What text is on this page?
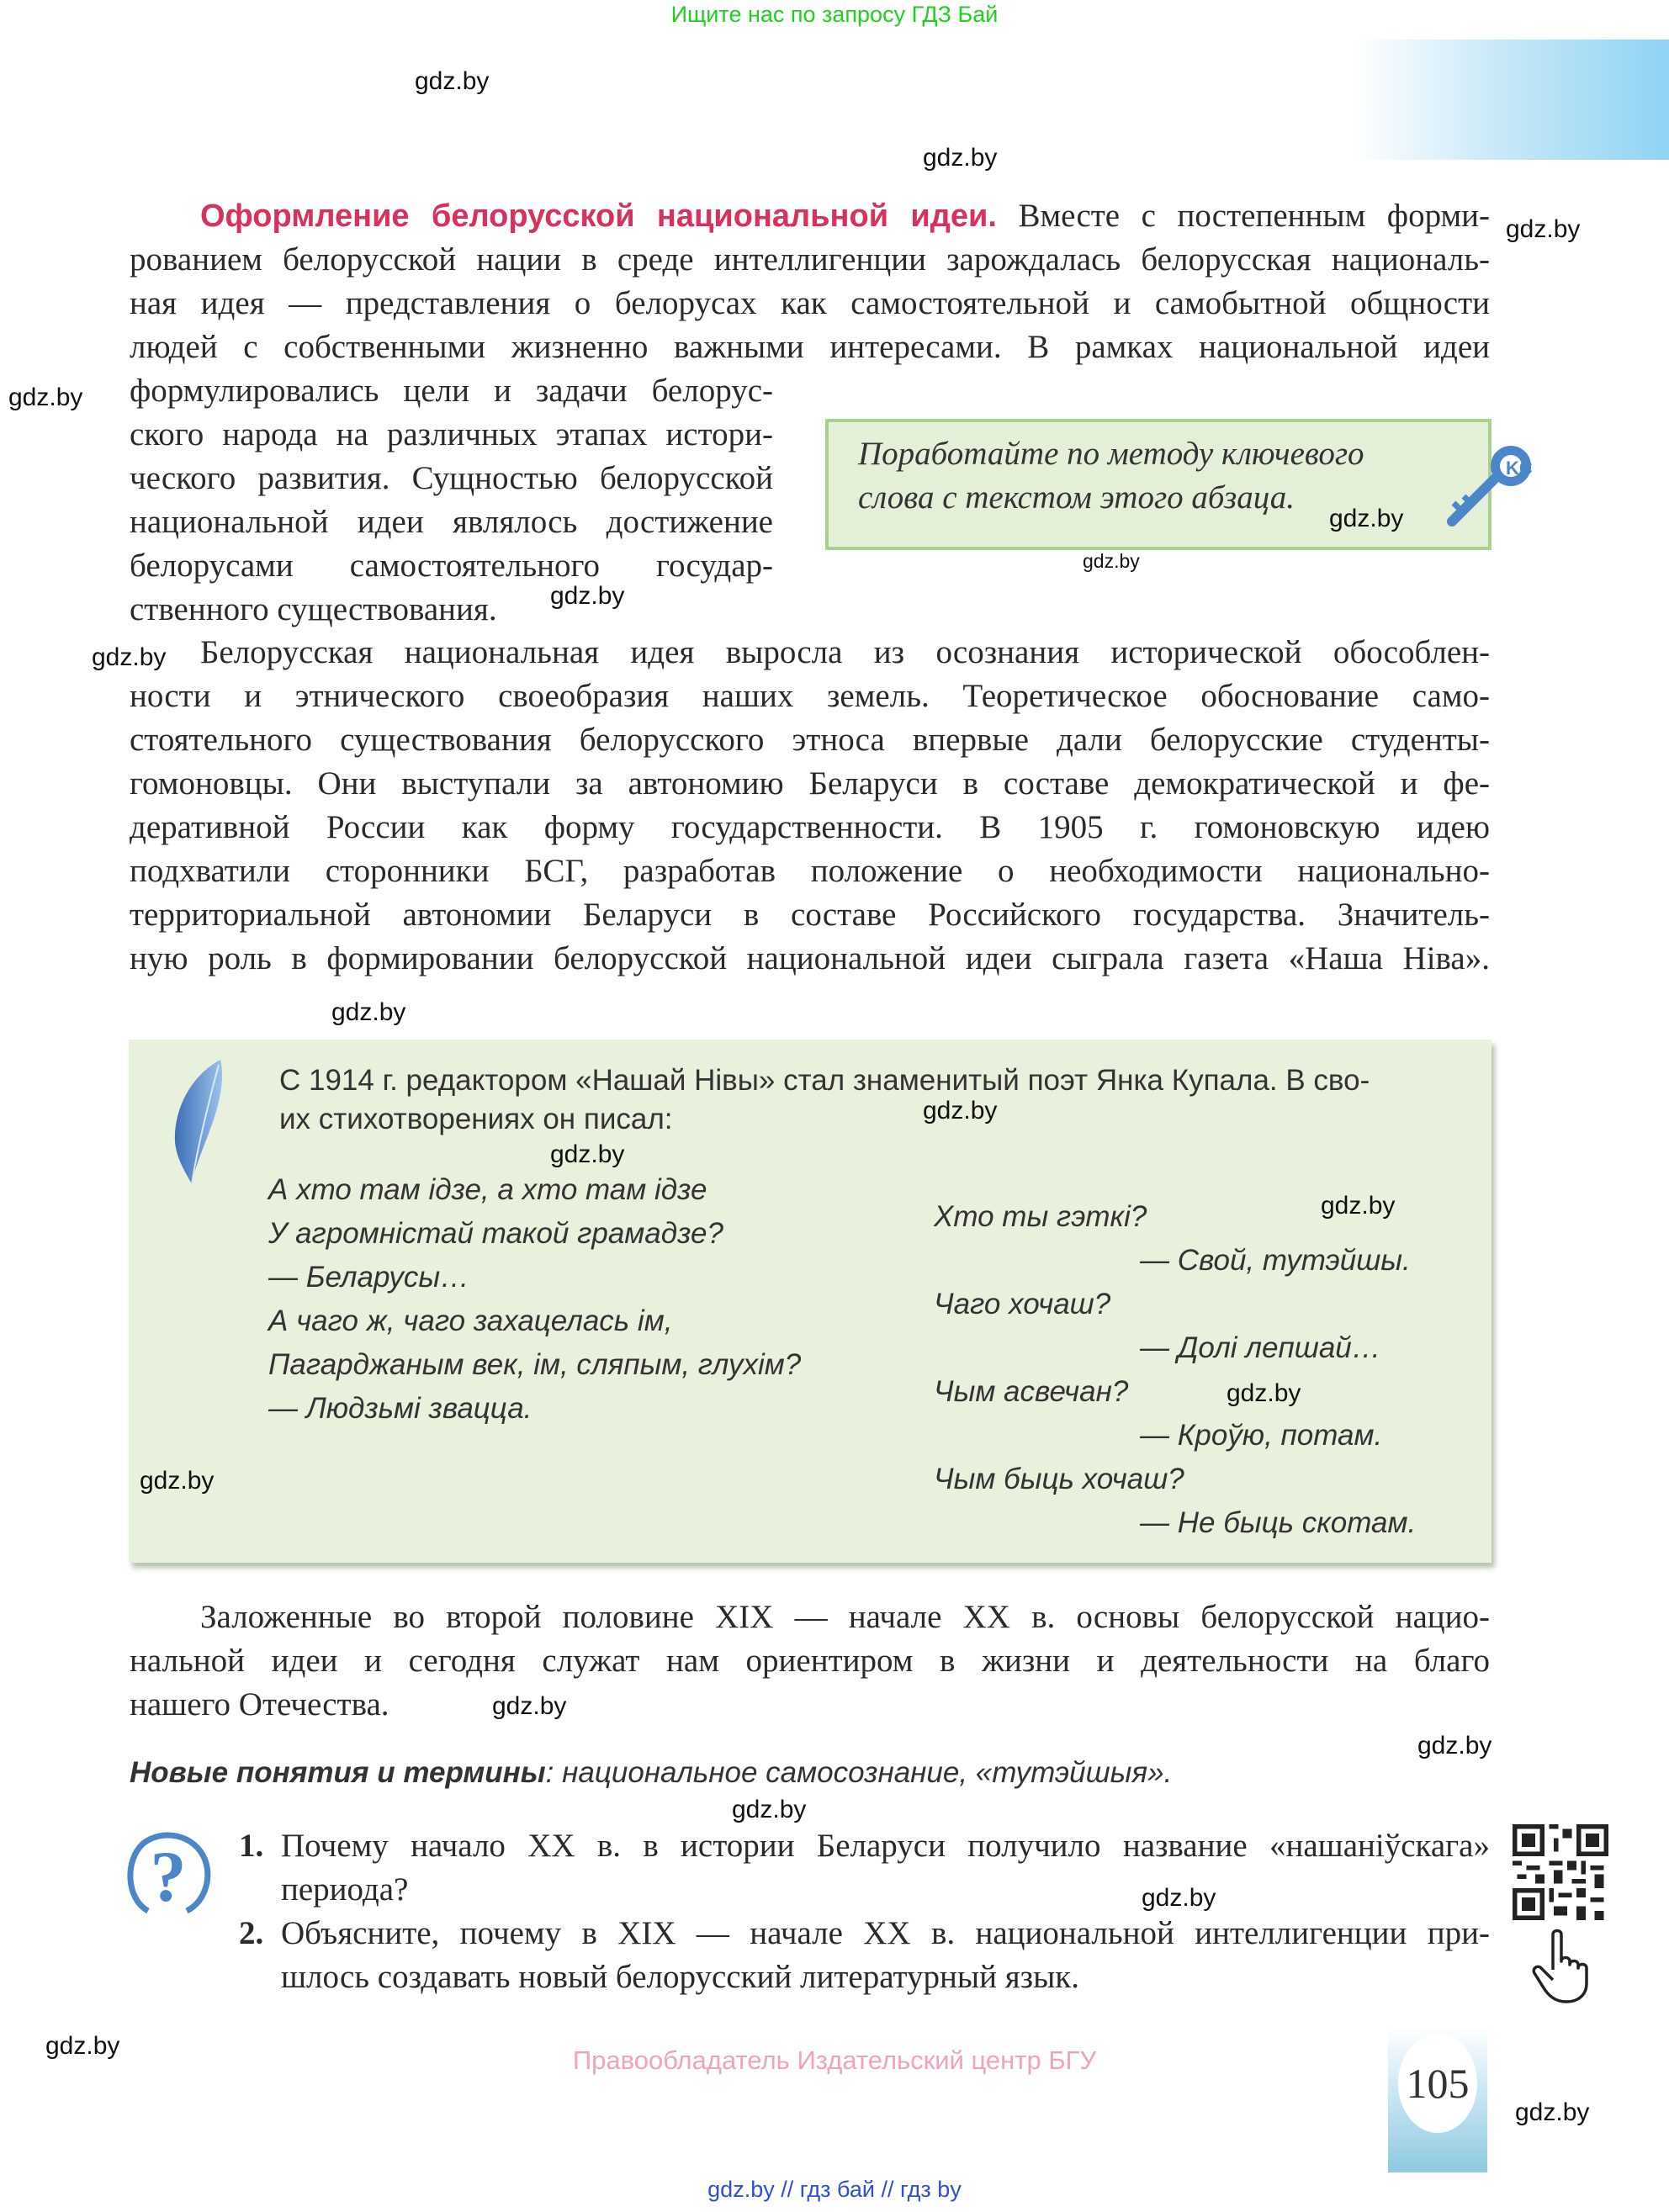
Ищите нас по запросу ГДЗ Бай
Оформление белорусской национальной идеи. Вместе с постепенным форми-
рованием белорусской нации в среде интеллигенции зарождалась белорусская националь-
ная идея — представления о белорусах как самостоятельной и самобытной общности
людей с собственными жизненно важными интересами. В рамках национальной идеи
формулировались цели и задачи белорус-
ского народа на различных этапах истори-
ческого развития. Сущностью белорусской
национальной идеи являлось достижение
белорусами самостоятельного государ-
ственного существования.
Поработайте по методу ключевого
слова с текстом этого абзаца.
KC
Белорусская национальная идея выросла из осознания исторической обособлен-
ности и этнического своеобразия наших земель. Теоретическое обоснование само-
стоятельного существования белорусского этноса впервые дали белорусские студенты-
гомоновцы. Они выступали за автономию Беларуси в составе демократической и фе-
деративной России как форму государственности. В 1905 г. гомоновскую идею
подхватили сторонники БСГ, разработав положение о необходимости национально-
территориальной автономии Беларуси в составе Российского государства. Значитель-
ную роль в формировании белорусской национальной идеи сыграла газета «Наша Ніва».
С 1914 г. редактором «Нашай Нівы» стал знаменитый поэт Янка Купала. В сво-
их стихотворениях он писал:
А хто там ідзе, а хто там ідзе
У агромністай такой грамадзе?
— Беларусы…
А чаго ж, чаго захацелась ім,
Пагарджаным век, ім, сляпым, глухім?
— Людзьмі звацца.
Хто ты гэткі?
— Свой, тутэйшы.
Чаго хочаш?
— Долі лепшай…
Чым асвечан?
— Кроўю, потам.
Чым быць хочаш?
— Не быць скотам.
Заложенные во второй половине XIX — начале XX в. основы белорусской нацио-
нальной идеи и сегодня служат нам ориентиром в жизни и деятельности на благо
нашего Отечества.
Новые понятия и термины: национальное самосознание, «тутэйшыя».
? 1. Почему начало XX в. в истории Беларуси получило название «нашаніўскага»
периода?
2. Объясните, почему в XIX — начале XX в. национальной интеллигенции при-
шлось создавать новый белорусский литературный язык.
Правообладатель Издательский центр БГУ	105
gdz.by // гдз бай // гдз by
gdz.by
gdz.by
gdz.by
gdz.by
gdz.by
gdz.by
gdz.by
gdz.by
gdz.by
gdz.by
gdz.by
gdz.by
gdz.by
gdz.by
gdz.by
gdz.by
gdz.by
gdz.by
gdz.by
gdz.by
